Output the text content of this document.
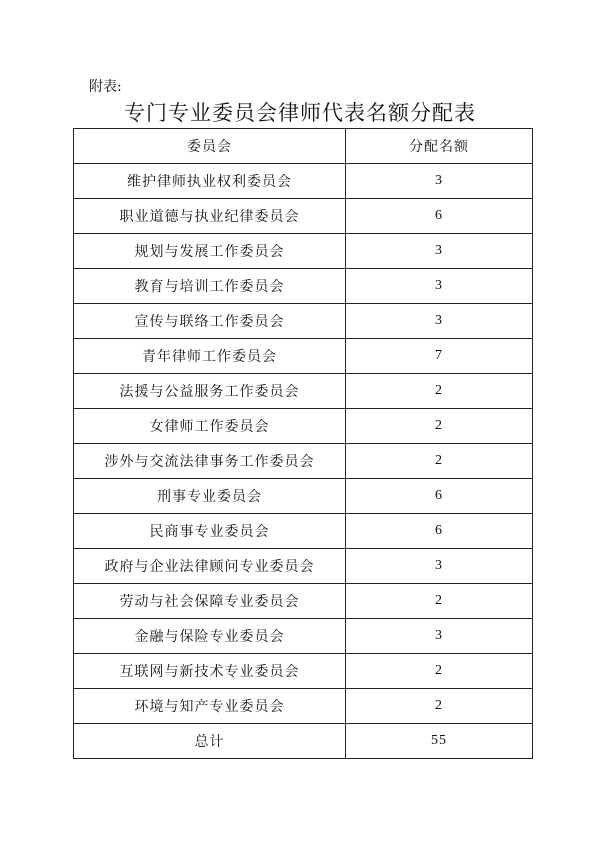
附表:
专门专业委员会律师代表名额分配表
委员会	分配名额
维护律师执业权利委员会	3
职业道德与执业纪律委员会	6
规划与发展工作委员会	3
教育与培训工作委员会	3
宣传与联络工作委员会	3
青年律师工作委员会	7
法援与公益服务工作委员会	2
女律师工作委员会	2
涉外与交流法律事务工作委员会	2
刑事专业委员会	6
民商事专业委员会	6
政府与企业法律顾问专业委员会	3
劳动与社会保障专业委员会	2
金融与保险专业委员会	3
互联网与新技术专业委员会	2
环境与知产专业委员会	2
总计	55
